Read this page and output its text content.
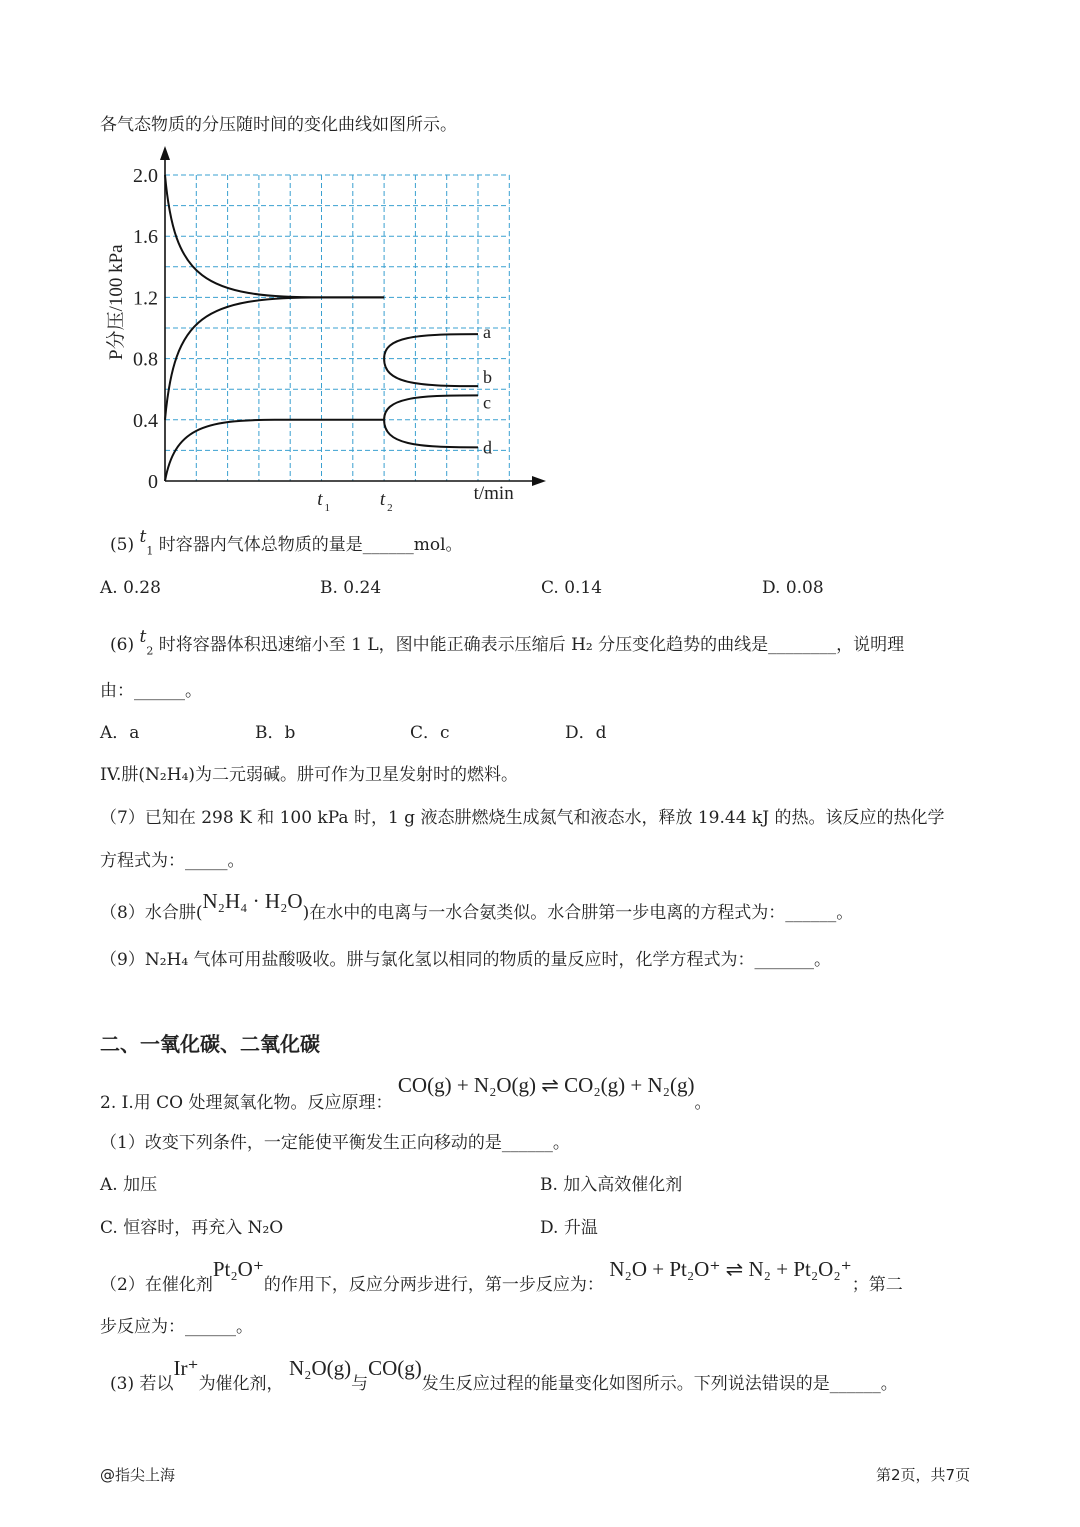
各气态物质的分压随时间的变化曲线如图所示。
0
0.4
0.8
1.2
1.6
2.0
t 1	t 2
t/min
P分压/100 kPa	a
b
c
d
(5) $t_1$ 时容器内气体总物质的量是______mol。
A. 0.28	B. 0.24	C. 0.14	D. 0.08
(6) $t_2$ 时将容器体积迅速缩小至 1 L，图中能正确表示压缩后 H₂ 分压变化趋势的曲线是________，说明理
由：______。
A．a	B．b	C．c	D．d
IV.肼(N₂H₄)为二元弱碱。肼可作为卫星发射时的燃料。
（7）已知在 298 K 和 100 kPa 时，1 g 液态肼燃烧生成氮气和液态水，释放 19.44 kJ 的热。该反应的热化学
方程式为：_____。
（8）水合肼(N₂H₄ · H₂O)在水中的电离与一水合氨类似。水合肼第一步电离的方程式为：______。
（9）N₂H₄ 气体可用盐酸吸收。肼与氯化氢以相同的物质的量反应时，化学方程式为：_______。
二、一氧化碳、二氧化碳
2. Ⅰ.用 CO 处理氮氧化物。反应原理： CO(g) + N₂O(g) ⇌ CO₂(g) + N₂(g)。
（1）改变下列条件，一定能使平衡发生正向移动的是______。
A. 加压	B. 加入高效催化剂
C. 恒容时，再充入 N₂O	D. 升温
（2）在催化剂Pt₂O⁺的作用下，反应分两步进行，第一步反应为： N₂O + Pt₂O⁺ ⇌ N₂ + Pt₂O₂⁺；第二
步反应为：______。
(3) 若以Ir⁺为催化剂， N₂O(g)与CO(g)发生反应过程的能量变化如图所示。下列说法错误的是______。
@指尖上海	第2页，共7页
